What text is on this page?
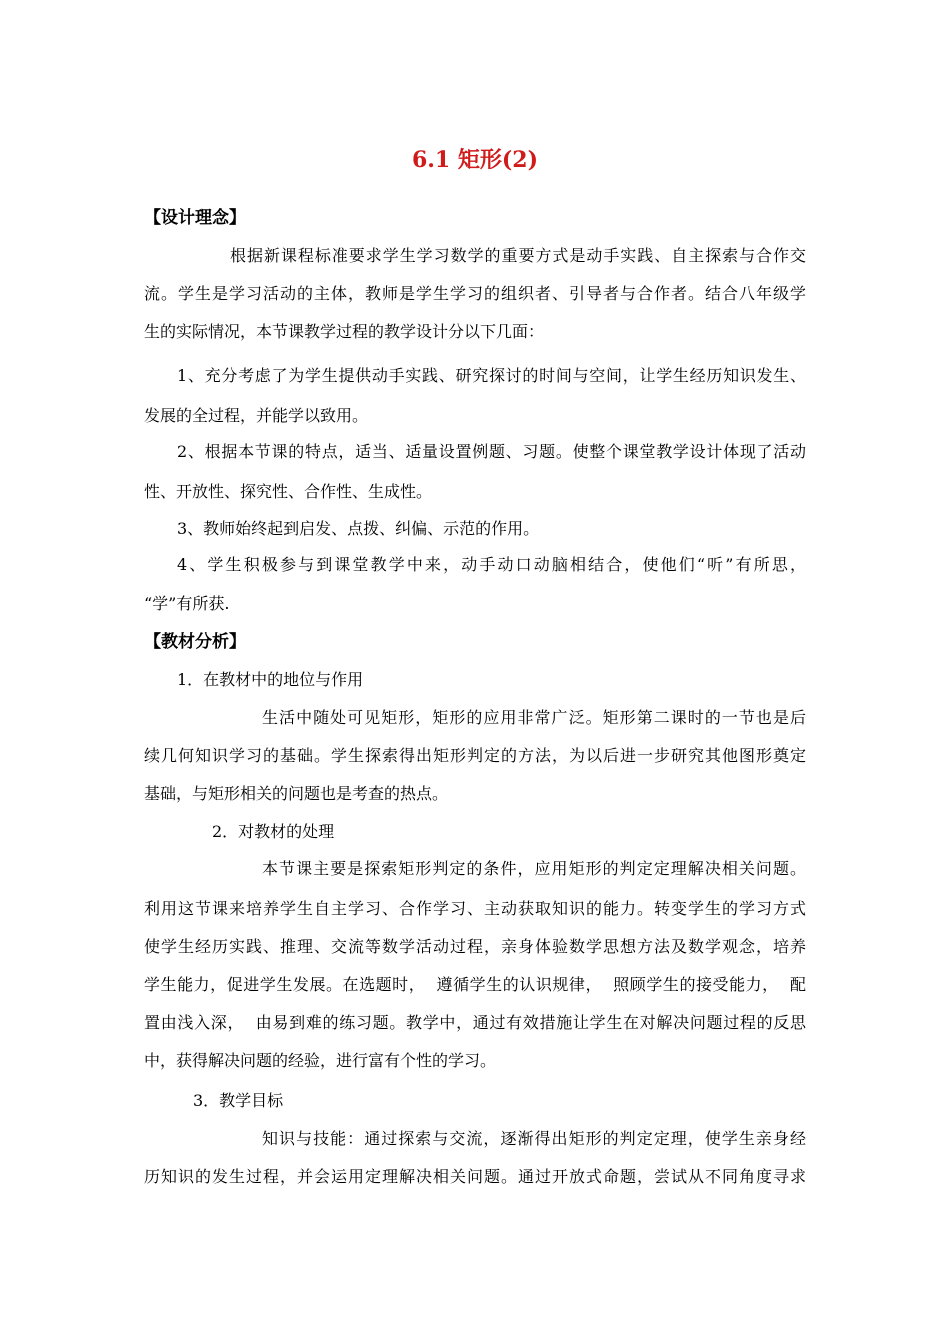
6.1 矩形(2)
【设计理念】
根据新课程标准要求学生学习数学的重要方式是动手实践、自主探索与合作交
流。学生是学习活动的主体，教师是学生学习的组织者、引导者与合作者。结合八年级学
生的实际情况，本节课教学过程的教学设计分以下几面：
1、充分考虑了为学生提供动手实践、研究探讨的时间与空间，让学生经历知识发生、
发展的全过程，并能学以致用。
2、根据本节课的特点，适当、适量设置例题、习题。使整个课堂教学设计体现了活动
性、开放性、探究性、合作性、生成性。
3、教师始终起到启发、点拨、纠偏、示范的作用。
4、学生积极参与到课堂教学中来，动手动口动脑相结合，使他们“听”有所思，
“学”有所获.
【教材分析】
1．在教材中的地位与作用
生活中随处可见矩形，矩形的应用非常广泛。矩形第二课时的一节也是后
续几何知识学习的基础。学生探索得出矩形判定的方法，为以后进一步研究其他图形奠定
基础，与矩形相关的问题也是考查的热点。
2．对教材的处理
本节课主要是探索矩形判定的条件，应用矩形的判定定理解决相关问题。
利用这节课来培养学生自主学习、合作学习、主动获取知识的能力。转变学生的学习方式
使学生经历实践、推理、交流等数学活动过程，亲身体验数学思想方法及数学观念，培养
学生能力，促进学生发展。在选题时，  遵循学生的认识规律，  照顾学生的接受能力，  配
置由浅入深，  由易到难的练习题。教学中，通过有效措施让学生在对解决问题过程的反思
中，获得解决问题的经验，进行富有个性的学习。
3．教学目标
知识与技能：通过探索与交流，逐渐得出矩形的判定定理，使学生亲身经
历知识的发生过程，并会运用定理解决相关问题。通过开放式命题，尝试从不同角度寻求
